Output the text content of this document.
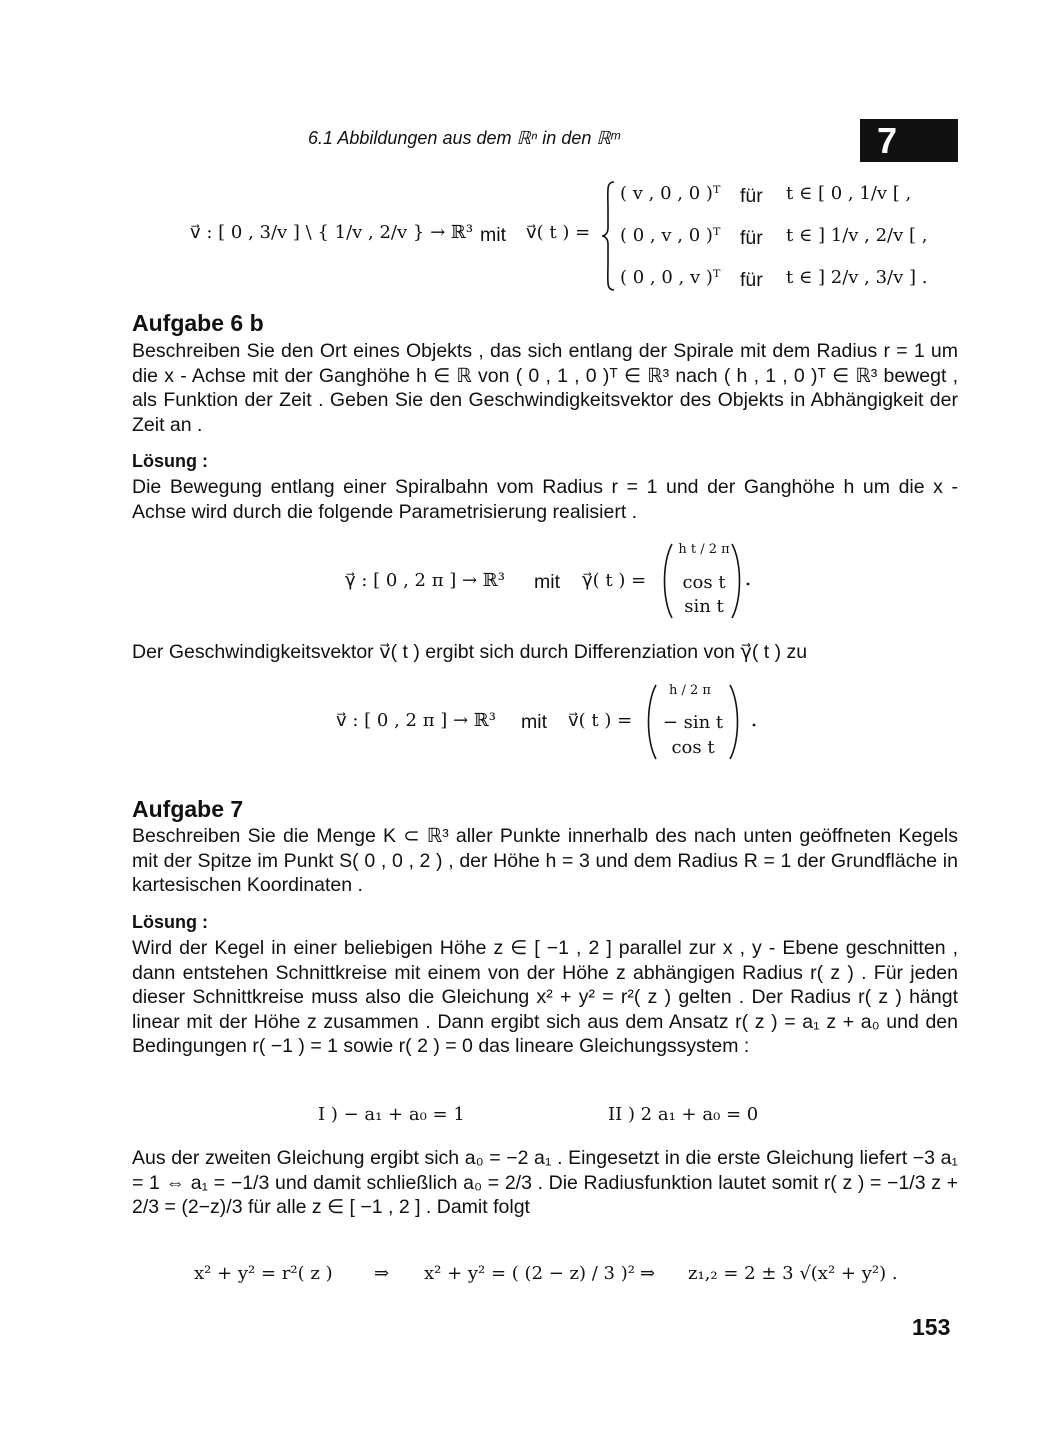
6.1 Abbildungen aus dem ℝⁿ in den ℝᵐ	7
v⃗ : [ 0 , 3/v ] \ { 1/v , 2/v } → ℝ³ mit v⃗( t ) =
( v , 0 , 0 )ᵀ für t ∈ [ 0 , 1/v [ ,
( 0 , v , 0 )ᵀ für t ∈ ] 1/v , 2/v [ ,
( 0 , 0 , v )ᵀ für t ∈ ] 2/v , 3/v ] .
Aufgabe 6 b
Beschreiben Sie den Ort eines Objekts , das sich entlang der Spirale mit dem Radius r = 1 um die x - Achse mit der Ganghöhe h ∈ ℝ von ( 0 , 1 , 0 )ᵀ ∈ ℝ³ nach ( h , 1 , 0 )ᵀ ∈ ℝ³ bewegt , als Funktion der Zeit . Geben Sie den Geschwindigkeitsvektor des Objekts in Abhängigkeit der Zeit an .
Lösung :
Die Bewegung entlang einer Spiralbahn vom Radius r = 1 und der Ganghöhe h um die x - Achse wird durch die folgende Parametrisierung realisiert .
γ⃗ : [ 0 , 2 π ] → ℝ³ mit γ⃗( t ) =
h t / 2 π
cos t
sin t
Der Geschwindigkeitsvektor v⃗( t ) ergibt sich durch Differenziation von γ⃗( t ) zu
v⃗ : [ 0 , 2 π ] → ℝ³ mit v⃗( t ) =
h / 2 π
− sin t
cos t
Aufgabe 7
Beschreiben Sie die Menge K ⊂ ℝ³ aller Punkte innerhalb des nach unten geöffneten Kegels mit der Spitze im Punkt S( 0 , 0 , 2 ) , der Höhe h = 3 und dem Radius R = 1 der Grundfläche in kartesischen Koordinaten .
Lösung :
Wird der Kegel in einer beliebigen Höhe z ∈ [ −1 , 2 ] parallel zur x , y - Ebene geschnitten , dann entstehen Schnittkreise mit einem von der Höhe z abhängigen Radius r( z ) . Für jeden dieser Schnittkreise muss also die Gleichung x² + y² = r²( z ) gelten . Der Radius r( z ) hängt linear mit der Höhe z zusammen . Dann ergibt sich aus dem Ansatz r( z ) = a₁ z + a₀ und den Bedingungen r( −1 ) = 1 sowie r( 2 ) = 0 das lineare Gleichungssystem :
I ) − a₁ + a₀ = 1	II ) 2 a₁ + a₀ = 0
Aus der zweiten Gleichung ergibt sich a₀ = −2 a₁ . Eingesetzt in die erste Gleichung liefert −3 a₁ = 1 ⇔ a₁ = −1/3 und damit schließlich a₀ = 2/3 . Die Radiusfunktion lautet somit r( z ) = −1/3 z + 2/3 = (2−z)/3 für alle z ∈ [ −1 , 2 ] . Damit folgt
x² + y² = r²( z ) ⇒ x² + y² = ( (2 − z) / 3 )² ⇒ z₁,₂ = 2 ± 3 √(x² + y²) .
153
